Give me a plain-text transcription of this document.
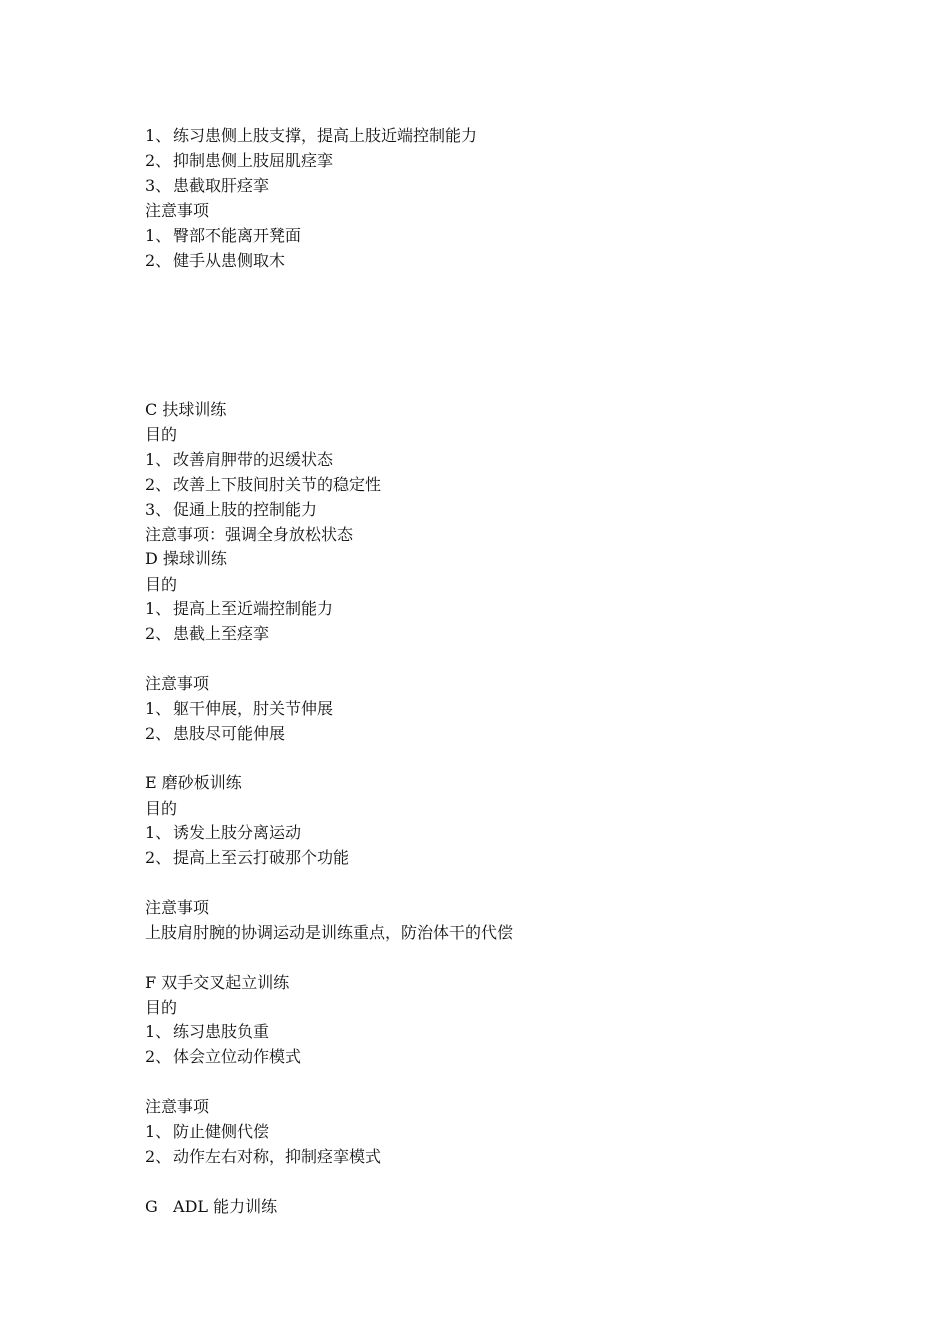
1、 练习患侧上肢支撑，提高上肢近端控制能力
2、 抑制患侧上肢屈肌痉挛
3、 患截取肝痉挛
注意事项
1、 臀部不能离开凳面
2、 健手从患侧取木
C 扶球训练
目的
1、 改善肩胛带的迟缓状态
2、 改善上下肢间肘关节的稳定性
3、 促通上肢的控制能力
注意事项：强调全身放松状态
D 操球训练
目的
1、 提高上至近端控制能力
2、 患截上至痉挛
注意事项
1、 躯干伸展，肘关节伸展
2、 患肢尽可能伸展
E 磨砂板训练
目的
1、 诱发上肢分离运动
2、 提高上至云打破那个功能
注意事项
上肢肩肘腕的协调运动是训练重点，防治体干的代偿
F 双手交叉起立训练
目的
1、 练习患肢负重
2、 体会立位动作模式
注意事项
1、 防止健侧代偿
2、 动作左右对称，抑制痉挛模式
G   ADL 能力训练
